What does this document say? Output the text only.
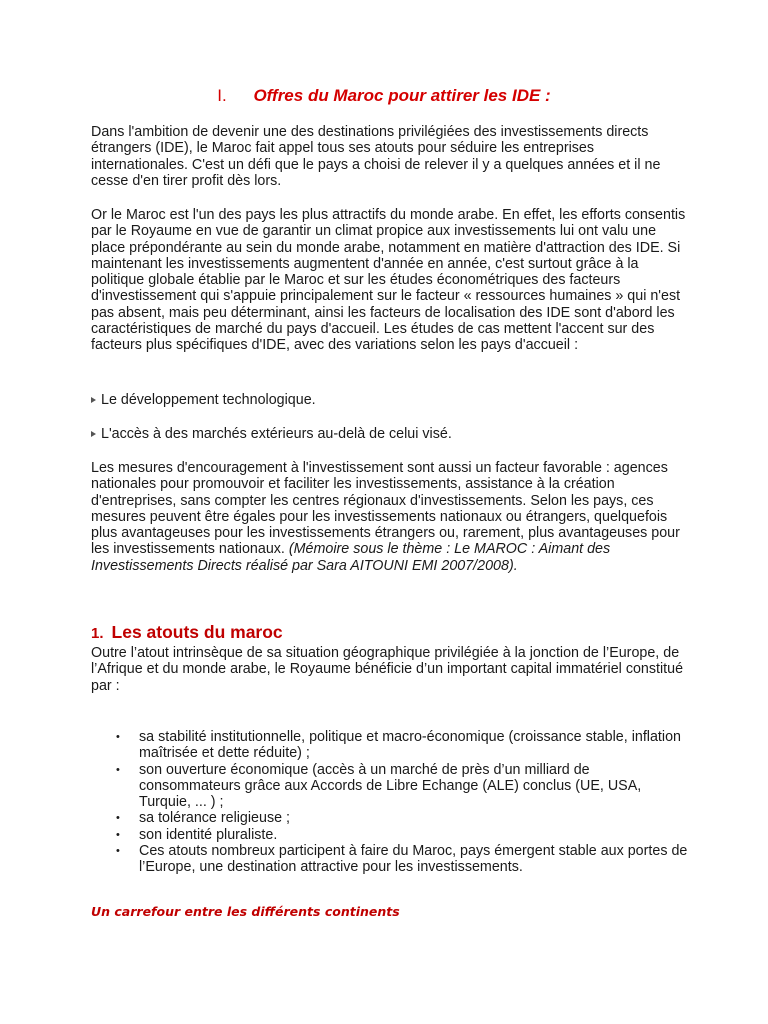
I. Offres du Maroc pour attirer les IDE :

Dans l'ambition de devenir une des destinations privilégiées des investissements directs étrangers (IDE), le Maroc fait appel tous ses atouts pour séduire les entreprises internationales. C'est un défi que le pays a choisi de relever il y a quelques années et il ne cesse d'en tirer profit dès lors.

Or le Maroc est l'un des pays les plus attractifs du monde arabe. En effet, les efforts consentis par le Royaume en vue de garantir un climat propice aux investissements lui ont valu une place prépondérante au sein du monde arabe, notamment en matière d'attraction des IDE. Si maintenant les investissements augmentent d'année en année, c'est surtout grâce à la politique globale établie par le Maroc et sur les études économétriques des facteurs d'investissement qui s'appuie principalement sur le facteur « ressources humaines » qui n'est pas absent, mais peu déterminant, ainsi les facteurs de localisation des IDE sont d'abord les caractéristiques de marché du pays d'accueil. Les études de cas mettent l'accent sur des facteurs plus spécifiques d'IDE, avec des variations selon les pays d'accueil :

Le développement technologique.
L'accès à des marchés extérieurs au-delà de celui visé.

Les mesures d'encouragement à l'investissement sont aussi un facteur favorable : agences nationales pour promouvoir et faciliter les investissements, assistance à la création d'entreprises, sans compter les centres régionaux d'investissements. Selon les pays, ces mesures peuvent être égales pour les investissements nationaux ou étrangers, quelquefois plus avantageuses pour les investissements étrangers ou, rarement, plus avantageuses pour les investissements nationaux. (Mémoire sous le thème : Le MAROC : Aimant des Investissements Directs réalisé par Sara AITOUNI EMI 2007/2008).

1. Les atouts du maroc

Outre l’atout intrinsèque de sa situation géographique privilégiée à la jonction de l’Europe, de l’Afrique et du monde arabe, le Royaume bénéficie d’un important capital immatériel constitué par :

• sa stabilité institutionnelle, politique et macro-économique (croissance stable, inflation maîtrisée et dette réduite) ;
• son ouverture économique (accès à un marché de près d’un milliard de consommateurs grâce aux Accords de Libre Echange (ALE) conclus (UE, USA, Turquie, ... ) ;
• sa tolérance religieuse ;
• son identité pluraliste.
• Ces atouts nombreux participent à faire du Maroc, pays émergent stable aux portes de l’Europe, une destination attractive pour les investissements.
Un carrefour entre les différents continents
